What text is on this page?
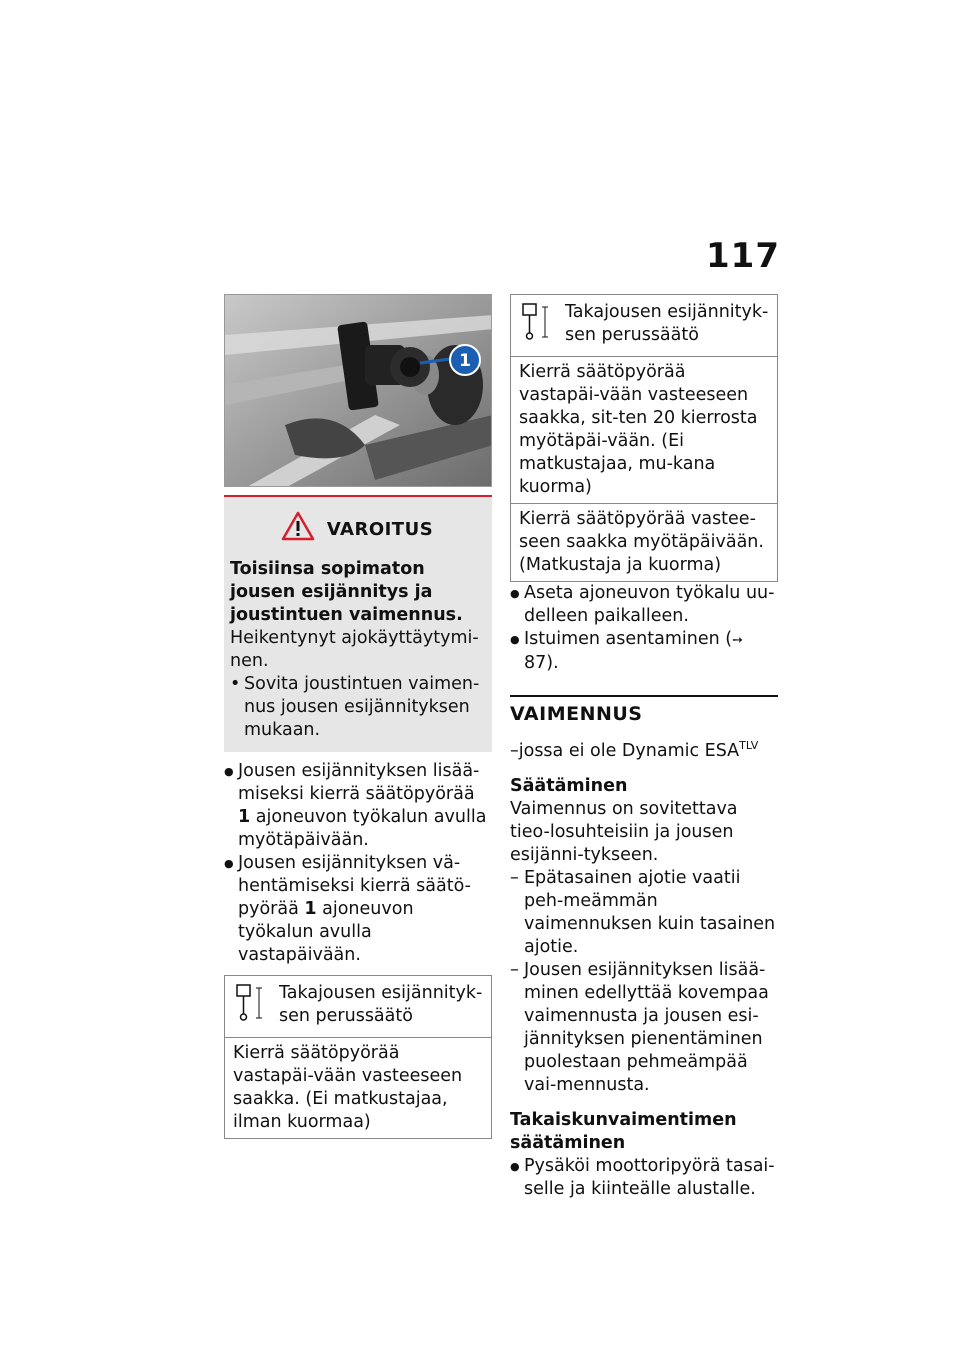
117
1
VAROITUS
Toisiinsa sopimaton jousen esijännitys ja joustintuen vaimennus.
Heikentynyt ajokäyttäytymi-nen.
• Sovita joustintuen vaimen-nus jousen esijännityksen mukaan.
● Jousen esijännityksen lisää-miseksi kierrä säätöpyörää 1 ajoneuvon työkalun avulla myötäpäivään.
● Jousen esijännityksen vä-hentämiseksi kierrä säätö-pyörää 1 ajoneuvon työkalun avulla vastapäivään.
Takajousen esijännityk-sen perussäätö
Kierrä säätöpyörää vastapäi-vään vasteeseen saakka. (Ei matkustajaa, ilman kuormaa)
Takajousen esijännityk-sen perussäätö
Kierrä säätöpyörää vastapäi-vään vasteeseen saakka, sit-ten 20 kierrosta myötäpäi-vään. (Ei matkustajaa, mu-kana kuorma)
Kierrä säätöpyörää vastee-seen saakka myötäpäivään. (Matkustaja ja kuorma)
● Aseta ajoneuvon työkalu uu-delleen paikalleen.
● Istuimen asentaminen (➙ 87).
VAIMENNUS
–jossa ei ole Dynamic $ESA^{TLV}$
Säätäminen
Vaimennus on sovitettava tieo-losuhteisiin ja jousen esijänni-tykseen.
– Epätasainen ajotie vaatii peh-meämmän vaimennuksen kuin tasainen ajotie.
– Jousen esijännityksen lisää-minen edellyttää kovempaa vaimennusta ja jousen esi-jännityksen pienentäminen puolestaan pehmeämpää vai-mennusta.
Takaiskunvaimentimen säätäminen
● Pysäköi moottoripyörä tasai-selle ja kiinteälle alustalle.
